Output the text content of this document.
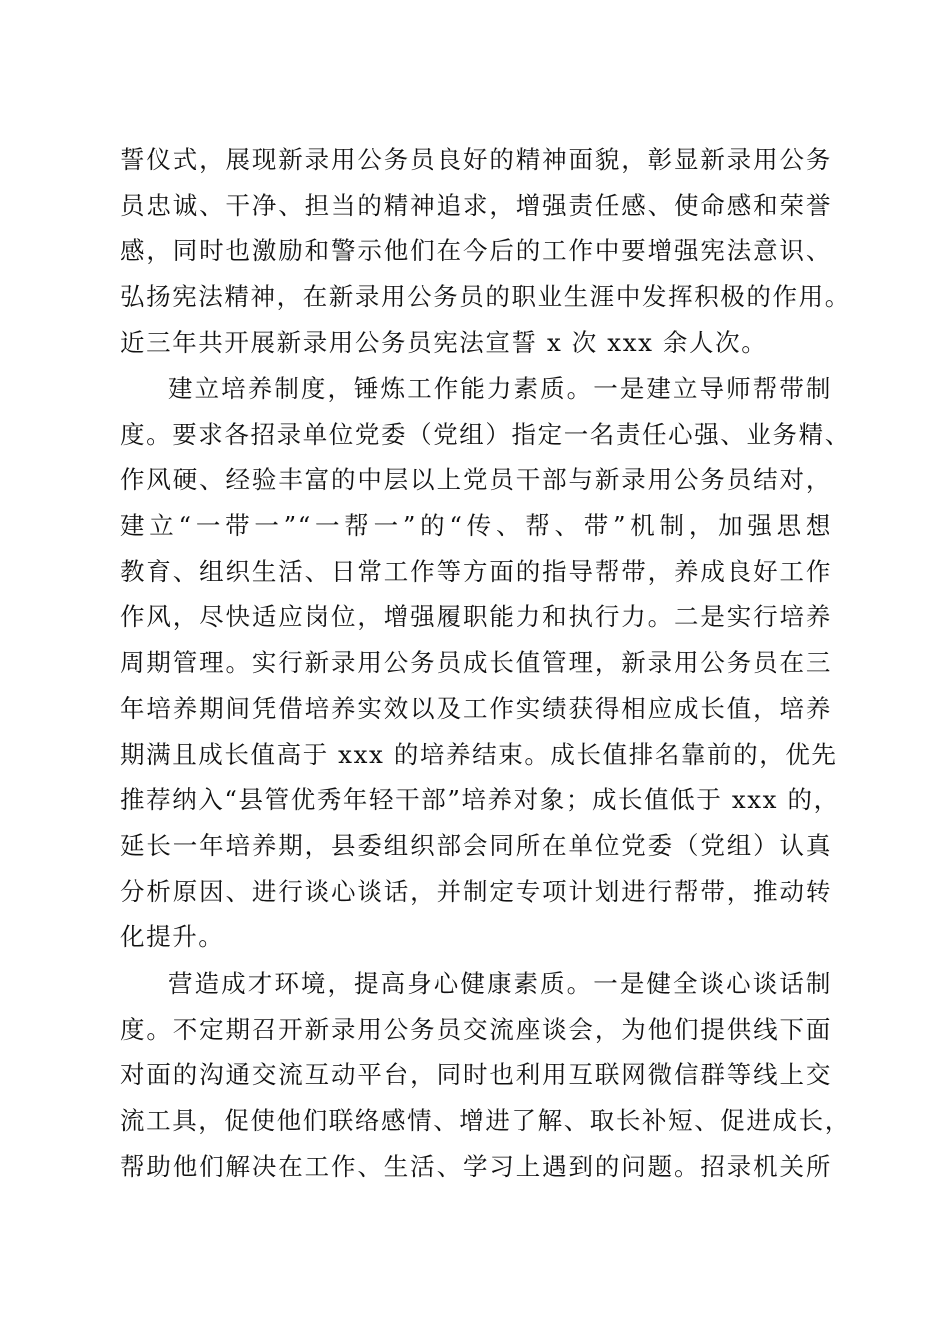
誓仪式，展现新录用公务员良好的精神面貌，彰显新录用公务
员忠诚、干净、担当的精神追求，增强责任感、使命感和荣誉
感，同时也激励和警示他们在今后的工作中要增强宪法意识、
弘扬宪法精神，在新录用公务员的职业生涯中发挥积极的作用。
近三年共开展新录用公务员宪法宣誓 x 次 xxx 余人次。
建立培养制度，锤炼工作能力素质。一是建立导师帮带制
度。要求各招录单位党委（党组）指定一名责任心强、业务精、
作风硬、经验丰富的中层以上党员干部与新录用公务员结对，
建立“一带一”“一帮一”的“传、帮、带”机制，加强思想
教育、组织生活、日常工作等方面的指导帮带，养成良好工作
作风，尽快适应岗位，增强履职能力和执行力。二是实行培养
周期管理。实行新录用公务员成长值管理，新录用公务员在三
年培养期间凭借培养实效以及工作实绩获得相应成长值，培养
期满且成长值高于 xxx 的培养结束。成长值排名靠前的，优先
推荐纳入“县管优秀年轻干部”培养对象；成长值低于 xxx 的，
延长一年培养期，县委组织部会同所在单位党委（党组）认真
分析原因、进行谈心谈话，并制定专项计划进行帮带，推动转
化提升。
营造成才环境，提高身心健康素质。一是健全谈心谈话制
度。不定期召开新录用公务员交流座谈会，为他们提供线下面
对面的沟通交流互动平台，同时也利用互联网微信群等线上交
流工具，促使他们联络感情、增进了解、取长补短、促进成长，
帮助他们解决在工作、生活、学习上遇到的问题。招录机关所
